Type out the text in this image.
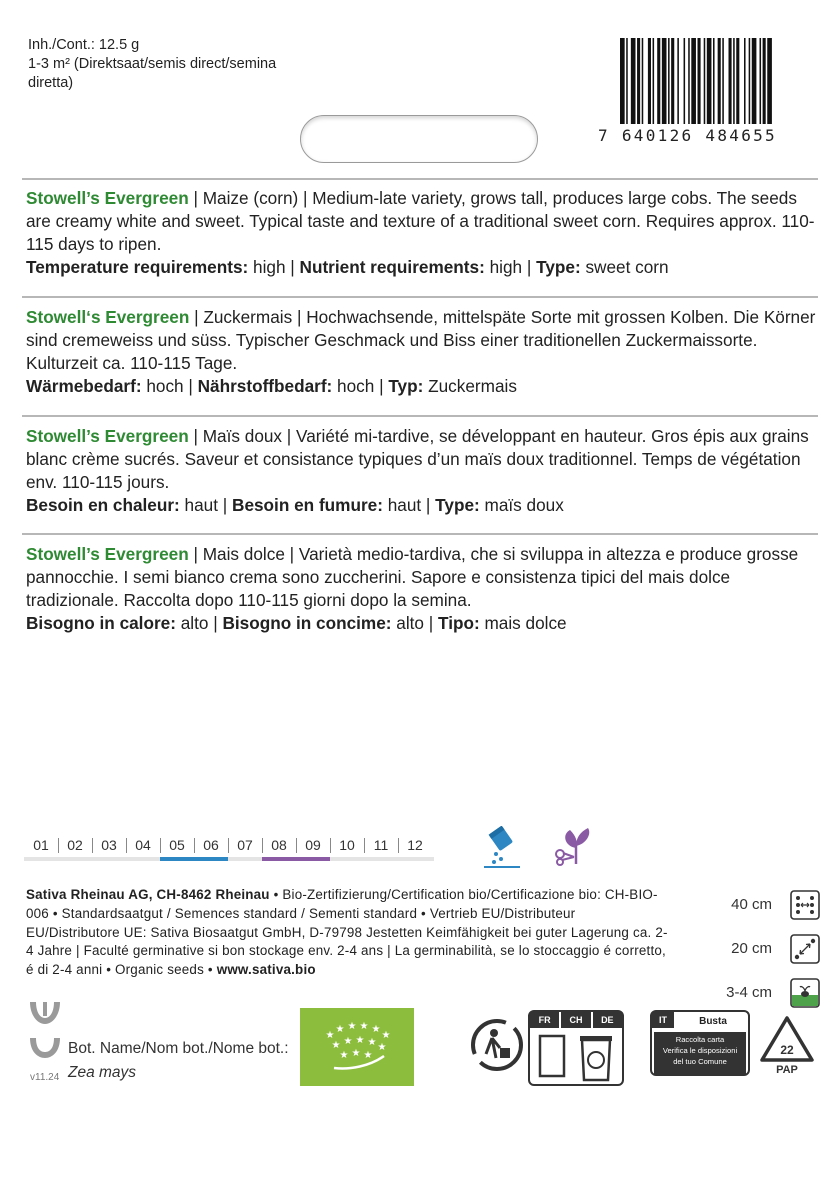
Inh./Cont.: 12.5 g
1-3 m² (Direktsaat/semis direct/semina
diretta)
7 640126 484655
Stowell’s Evergreen | Maize (corn) | Medium-late variety, grows tall, produces large cobs. The seeds are creamy white and sweet. Typical taste and texture of a traditional sweet corn. Requires approx. 110-115 days to ripen.
Temperature requirements: high | Nutrient requirements: high | Type: sweet corn
Stowell‘s Evergreen | Zuckermais | Hochwachsende, mittelspäte Sorte mit grossen Kolben. Die Körner sind cremeweiss und süss. Typischer Geschmack und Biss einer traditionellen Zuckermaissorte. Kulturzeit ca. 110-115 Tage.
Wärmebedarf: hoch | Nährstoffbedarf: hoch | Typ: Zuckermais
Stowell’s Evergreen | Maïs doux | Variété mi-tardive, se développant en hauteur. Gros épis aux grains blanc crème sucrés. Saveur et consistance typiques d’un maïs doux traditionnel. Temps de végétation env. 110-115 jours.
Besoin en chaleur: haut | Besoin en fumure: haut | Type: maïs doux
Stowell’s Evergreen | Mais dolce | Varietà medio-tardiva, che si sviluppa in altezza e produce grosse pannocchie. I semi bianco crema sono zuccherini. Sapore e consistenza tipici del mais dolce tradizionale. Raccolta dopo 110-115 giorni dopo la semina.
Bisogno in calore: alto | Bisogno in concime: alto | Tipo: mais dolce
01	02	03	04	05	06	07	08	09	10	11	12
Sativa Rheinau AG, CH-8462 Rheinau • Bio-Zertifizierung/Certification bio/Certificazione bio: CH-BIO-006 • Standardsaatgut / Semences standard / Sementi standard • Vertrieb EU/Distributeur EU/Distributore UE: Sativa Biosaatgut GmbH, D-79798 Jestetten Keimfähigkeit bei guter Lagerung ca. 2-4 Jahre | Faculté germinative si bon stockage env. 2-4 ans | La germinabilità, se lo stoccaggio é corretto, é di 2-4 anni • Organic seeds • www.sativa.bio
40 cm
20 cm
3-4 cm
Bot. Name/Nom bot./Nome bot.:
Zea mays
v11.24
★
★ ★ ★ ★
★
★ ★ ★ ★ ★
★ ★ ★
FR	CH	DE	IT	Busta
Raccolta carta
Verifica le disposizioni
del tuo Comune
22
PAP
